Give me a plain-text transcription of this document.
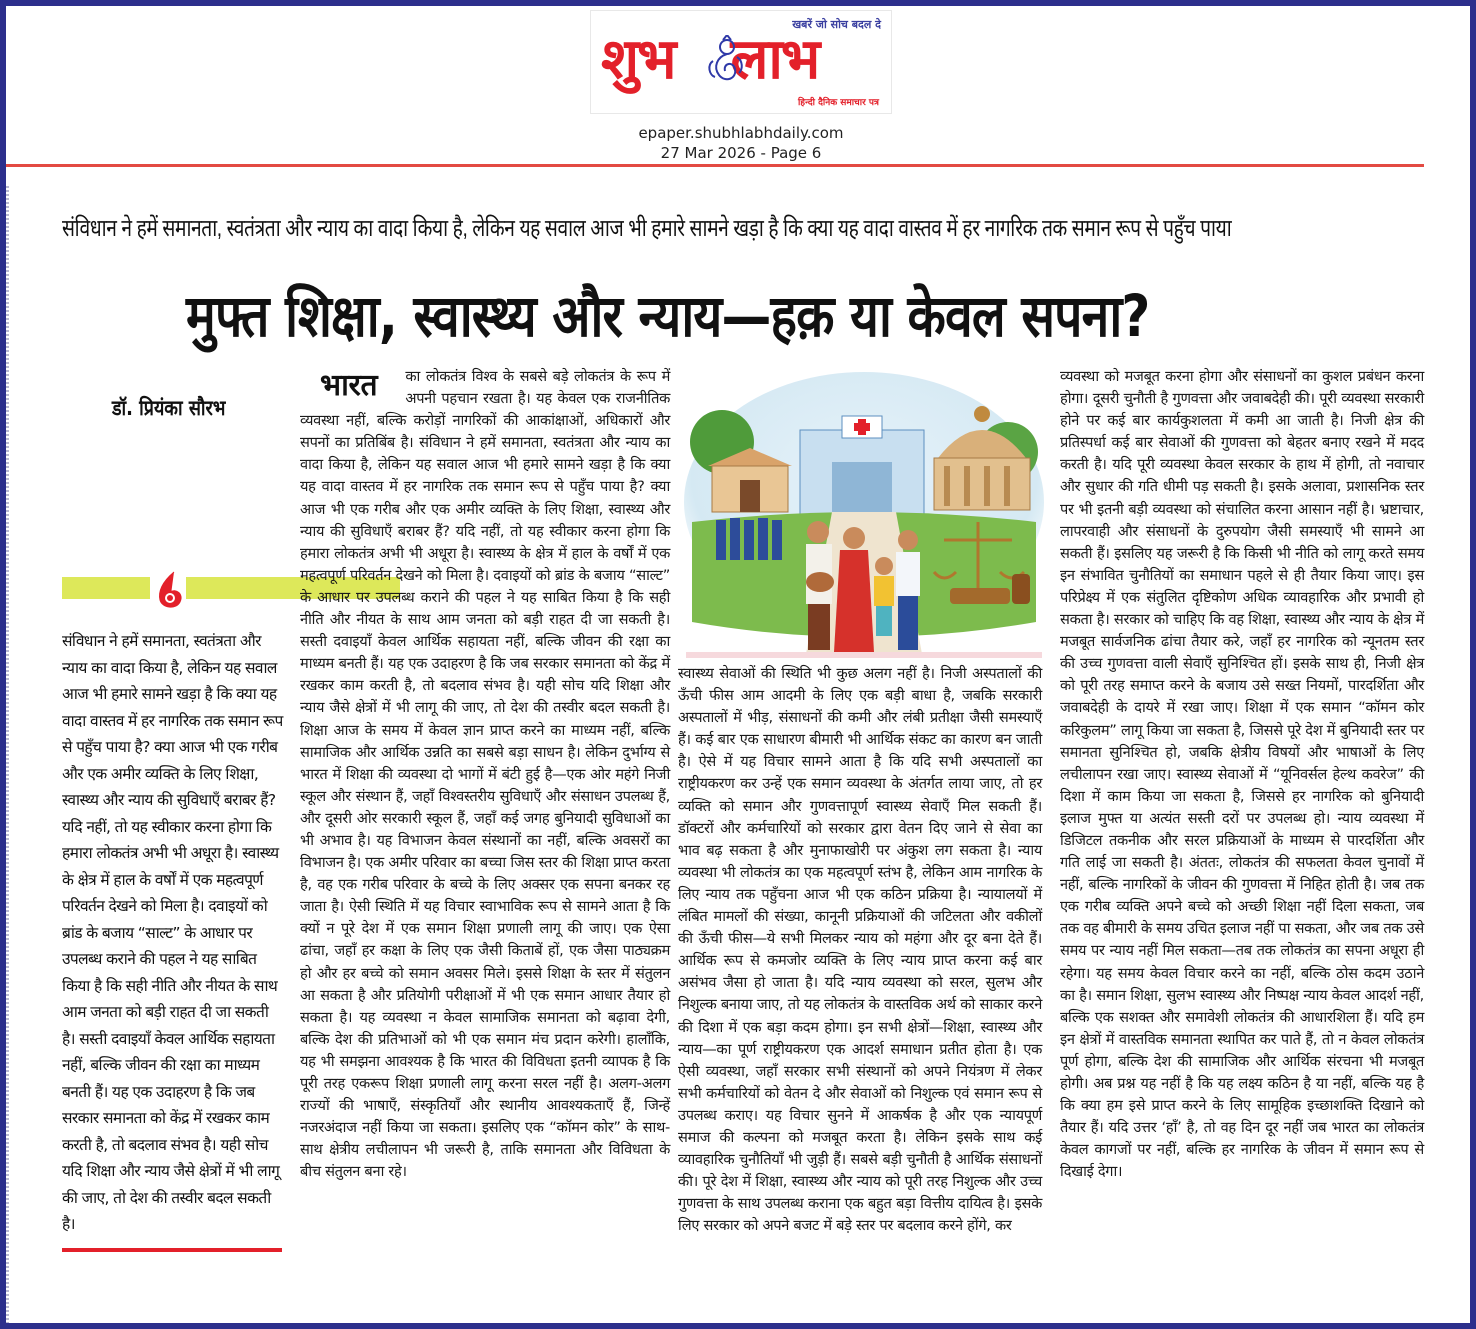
खबरें जो सोच बदल दे
शुभ लाभ
हिन्दी दैनिक समाचार पत्र
epaper.shubhlabhdaily.com
27 Mar 2026 - Page 6
संविधान ने हमें समानता, स्वतंत्रता और न्याय का वादा किया है, लेकिन यह सवाल आज भी हमारे सामने खड़ा है कि क्या यह वादा वास्तव में हर नागरिक तक समान रूप से पहुँच पाया
मुफ्त शिक्षा, स्वास्थ्य और न्याय—हक़ या केवल सपना?
डॉ. प्रियंका सौरभ
संविधान ने हमें समानता, स्वतंत्रता और न्याय का वादा किया है, लेकिन यह सवाल आज भी हमारे सामने खड़ा है कि क्या यह वादा वास्तव में हर नागरिक तक समान रूप से पहुँच पाया है? क्या आज भी एक गरीब और एक अमीर व्यक्ति के लिए शिक्षा, स्वास्थ्य और न्याय की सुविधाएँ बराबर हैं? यदि नहीं, तो यह स्वीकार करना होगा कि हमारा लोकतंत्र अभी भी अधूरा है। स्वास्थ्य के क्षेत्र में हाल के वर्षों में एक महत्वपूर्ण परिवर्तन देखने को मिला है। दवाइयों को ब्रांड के बजाय “साल्ट” के आधार पर उपलब्ध कराने की पहल ने यह साबित किया है कि सही नीति और नीयत के साथ आम जनता को बड़ी राहत दी जा सकती है। सस्ती दवाइयाँ केवल आर्थिक सहायता नहीं, बल्कि जीवन की रक्षा का माध्यम बनती हैं। यह एक उदाहरण है कि जब सरकार समानता को केंद्र में रखकर काम करती है, तो बदलाव संभव है। यही सोच यदि शिक्षा और न्याय जैसे क्षेत्रों में भी लागू की जाए, तो देश की तस्वीर बदल सकती है।
भारत का लोकतंत्र विश्व के सबसे बड़े लोकतंत्र के रूप में अपनी पहचान रखता है। यह केवल एक राजनीतिक व्यवस्था नहीं, बल्कि करोड़ों नागरिकों की आकांक्षाओं, अधिकारों और सपनों का प्रतिबिंब है। संविधान ने हमें समानता, स्वतंत्रता और न्याय का वादा किया है, लेकिन यह सवाल आज भी हमारे सामने खड़ा है कि क्या यह वादा वास्तव में हर नागरिक तक समान रूप से पहुँच पाया है? क्या आज भी एक गरीब और एक अमीर व्यक्ति के लिए शिक्षा, स्वास्थ्य और न्याय की सुविधाएँ बराबर हैं? यदि नहीं, तो यह स्वीकार करना होगा कि हमारा लोकतंत्र अभी भी अधूरा है। स्वास्थ्य के क्षेत्र में हाल के वर्षों में एक महत्वपूर्ण परिवर्तन देखने को मिला है। दवाइयों को ब्रांड के बजाय “साल्ट” के आधार पर उपलब्ध कराने की पहल ने यह साबित किया है कि सही नीति और नीयत के साथ आम जनता को बड़ी राहत दी जा सकती है। सस्ती दवाइयाँ केवल आर्थिक सहायता नहीं, बल्कि जीवन की रक्षा का माध्यम बनती हैं। यह एक उदाहरण है कि जब सरकार समानता को केंद्र में रखकर काम करती है, तो बदलाव संभव है। यही सोच यदि शिक्षा और न्याय जैसे क्षेत्रों में भी लागू की जाए, तो देश की तस्वीर बदल सकती है। शिक्षा आज के समय में केवल ज्ञान प्राप्त करने का माध्यम नहीं, बल्कि सामाजिक और आर्थिक उन्नति का सबसे बड़ा साधन है। लेकिन दुर्भाग्य से भारत में शिक्षा की व्यवस्था दो भागों में बंटी हुई है—एक ओर महंगे निजी स्कूल और संस्थान हैं, जहाँ विश्वस्तरीय सुविधाएँ और संसाधन उपलब्ध हैं, और दूसरी ओर सरकारी स्कूल हैं, जहाँ कई जगह बुनियादी सुविधाओं का भी अभाव है। यह विभाजन केवल संस्थानों का नहीं, बल्कि अवसरों का विभाजन है। एक अमीर परिवार का बच्चा जिस स्तर की शिक्षा प्राप्त करता है, वह एक गरीब परिवार के बच्चे के लिए अक्सर एक सपना बनकर रह जाता है। ऐसी स्थिति में यह विचार स्वाभाविक रूप से सामने आता है कि क्यों न पूरे देश में एक समान शिक्षा प्रणाली लागू की जाए। एक ऐसा ढांचा, जहाँ हर कक्षा के लिए एक जैसी किताबें हों, एक जैसा पाठ्यक्रम हो और हर बच्चे को समान अवसर मिले। इससे शिक्षा के स्तर में संतुलन आ सकता है और प्रतियोगी परीक्षाओं में भी एक समान आधार तैयार हो सकता है। यह व्यवस्था न केवल सामाजिक समानता को बढ़ावा देगी, बल्कि देश की प्रतिभाओं को भी एक समान मंच प्रदान करेगी। हालाँकि, यह भी समझना आवश्यक है कि भारत की विविधता इतनी व्यापक है कि पूरी तरह एकरूप शिक्षा प्रणाली लागू करना सरल नहीं है। अलग-अलग राज्यों की भाषाएँ, संस्कृतियाँ और स्थानीय आवश्यकताएँ हैं, जिन्हें नजरअंदाज नहीं किया जा सकता। इसलिए एक “कॉमन कोर” के साथ-साथ क्षेत्रीय लचीलापन भी जरूरी है, ताकि समानता और विविधता के बीच संतुलन बना रहे।
स्वास्थ्य सेवाओं की स्थिति भी कुछ अलग नहीं है। निजी अस्पतालों की ऊँची फीस आम आदमी के लिए एक बड़ी बाधा है, जबकि सरकारी अस्पतालों में भीड़, संसाधनों की कमी और लंबी प्रतीक्षा जैसी समस्याएँ हैं। कई बार एक साधारण बीमारी भी आर्थिक संकट का कारण बन जाती है। ऐसे में यह विचार सामने आता है कि यदि सभी अस्पतालों का राष्ट्रीयकरण कर उन्हें एक समान व्यवस्था के अंतर्गत लाया जाए, तो हर व्यक्ति को समान और गुणवत्तापूर्ण स्वास्थ्य सेवाएँ मिल सकती हैं। डॉक्टरों और कर्मचारियों को सरकार द्वारा वेतन दिए जाने से सेवा का भाव बढ़ सकता है और मुनाफाखोरी पर अंकुश लग सकता है। न्याय व्यवस्था भी लोकतंत्र का एक महत्वपूर्ण स्तंभ है, लेकिन आम नागरिक के लिए न्याय तक पहुँचना आज भी एक कठिन प्रक्रिया है। न्यायालयों में लंबित मामलों की संख्या, कानूनी प्रक्रियाओं की जटिलता और वकीलों की ऊँची फीस—ये सभी मिलकर न्याय को महंगा और दूर बना देते हैं। आर्थिक रूप से कमजोर व्यक्ति के लिए न्याय प्राप्त करना कई बार असंभव जैसा हो जाता है। यदि न्याय व्यवस्था को सरल, सुलभ और निशुल्क बनाया जाए, तो यह लोकतंत्र के वास्तविक अर्थ को साकार करने की दिशा में एक बड़ा कदम होगा। इन सभी क्षेत्रों—शिक्षा, स्वास्थ्य और न्याय—का पूर्ण राष्ट्रीयकरण एक आदर्श समाधान प्रतीत होता है। एक ऐसी व्यवस्था, जहाँ सरकार सभी संस्थानों को अपने नियंत्रण में लेकर सभी कर्मचारियों को वेतन दे और सेवाओं को निशुल्क एवं समान रूप से उपलब्ध कराए। यह विचार सुनने में आकर्षक है और एक न्यायपूर्ण समाज की कल्पना को मजबूत करता है। लेकिन इसके साथ कई व्यावहारिक चुनौतियाँ भी जुड़ी हैं। सबसे बड़ी चुनौती है आर्थिक संसाधनों की। पूरे देश में शिक्षा, स्वास्थ्य और न्याय को पूरी तरह निशुल्क और उच्च गुणवत्ता के साथ उपलब्ध कराना एक बहुत बड़ा वित्तीय दायित्व है। इसके लिए सरकार को अपने बजट में बड़े स्तर पर बदलाव करने होंगे, कर
व्यवस्था को मजबूत करना होगा और संसाधनों का कुशल प्रबंधन करना होगा। दूसरी चुनौती है गुणवत्ता और जवाबदेही की। पूरी व्यवस्था सरकारी होने पर कई बार कार्यकुशलता में कमी आ जाती है। निजी क्षेत्र की प्रतिस्पर्धा कई बार सेवाओं की गुणवत्ता को बेहतर बनाए रखने में मदद करती है। यदि पूरी व्यवस्था केवल सरकार के हाथ में होगी, तो नवाचार और सुधार की गति धीमी पड़ सकती है। इसके अलावा, प्रशासनिक स्तर पर भी इतनी बड़ी व्यवस्था को संचालित करना आसान नहीं है। भ्रष्टाचार, लापरवाही और संसाधनों के दुरुपयोग जैसी समस्याएँ भी सामने आ सकती हैं। इसलिए यह जरूरी है कि किसी भी नीति को लागू करते समय इन संभावित चुनौतियों का समाधान पहले से ही तैयार किया जाए। इस परिप्रेक्ष्य में एक संतुलित दृष्टिकोण अधिक व्यावहारिक और प्रभावी हो सकता है। सरकार को चाहिए कि वह शिक्षा, स्वास्थ्य और न्याय के क्षेत्र में मजबूत सार्वजनिक ढांचा तैयार करे, जहाँ हर नागरिक को न्यूनतम स्तर की उच्च गुणवत्ता वाली सेवाएँ सुनिश्चित हों। इसके साथ ही, निजी क्षेत्र को पूरी तरह समाप्त करने के बजाय उसे सख्त नियमों, पारदर्शिता और जवाबदेही के दायरे में रखा जाए। शिक्षा में एक समान “कॉमन कोर करिकुलम” लागू किया जा सकता है, जिससे पूरे देश में बुनियादी स्तर पर समानता सुनिश्चित हो, जबकि क्षेत्रीय विषयों और भाषाओं के लिए लचीलापन रखा जाए। स्वास्थ्य सेवाओं में “यूनिवर्सल हेल्थ कवरेज” की दिशा में काम किया जा सकता है, जिससे हर नागरिक को बुनियादी इलाज मुफ्त या अत्यंत सस्ती दरों पर उपलब्ध हो। न्याय व्यवस्था में डिजिटल तकनीक और सरल प्रक्रियाओं के माध्यम से पारदर्शिता और गति लाई जा सकती है। अंततः, लोकतंत्र की सफलता केवल चुनावों में नहीं, बल्कि नागरिकों के जीवन की गुणवत्ता में निहित होती है। जब तक एक गरीब व्यक्ति अपने बच्चे को अच्छी शिक्षा नहीं दिला सकता, जब तक वह बीमारी के समय उचित इलाज नहीं पा सकता, और जब तक उसे समय पर न्याय नहीं मिल सकता—तब तक लोकतंत्र का सपना अधूरा ही रहेगा। यह समय केवल विचार करने का नहीं, बल्कि ठोस कदम उठाने का है। समान शिक्षा, सुलभ स्वास्थ्य और निष्पक्ष न्याय केवल आदर्श नहीं, बल्कि एक सशक्त और समावेशी लोकतंत्र की आधारशिला हैं। यदि हम इन क्षेत्रों में वास्तविक समानता स्थापित कर पाते हैं, तो न केवल लोकतंत्र पूर्ण होगा, बल्कि देश की सामाजिक और आर्थिक संरचना भी मजबूत होगी। अब प्रश्न यह नहीं है कि यह लक्ष्य कठिन है या नहीं, बल्कि यह है कि क्या हम इसे प्राप्त करने के लिए सामूहिक इच्छाशक्ति दिखाने को तैयार हैं। यदि उत्तर ‘हाँ’ है, तो वह दिन दूर नहीं जब भारत का लोकतंत्र केवल कागजों पर नहीं, बल्कि हर नागरिक के जीवन में समान रूप से दिखाई देगा।
